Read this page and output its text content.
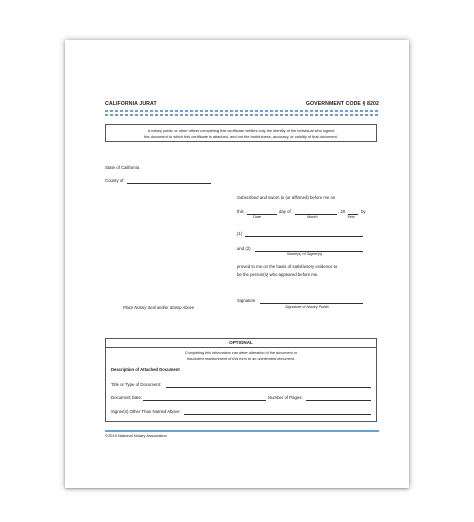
CALIFORNIA JURAT	GOVERNMENT CODE § 8202
A notary public or other officer completing this certificate verifies only the identity of the individual who signed
the document to which this certificate is attached, and not the truthfulness, accuracy, or validity of that document.
State of California
County of
Subscribed and sworn to (or affirmed) before me on
this	day of	, 20	by
Date	Month	Year
(1)
and (2)
Name(s) of Signer(s)
proved to me on the basis of satisfactory evidence to
be the person(s) who appeared before me.
Signature
Signature of Notary Public
Place Notary Seal and/or Stamp Above
OPTIONAL
Completing this information can deter alteration of the document or
fraudulent reattachment of this form to an unintended document.
Description of Attached Document
Title or Type of Document:
Document Date:	Number of Pages:
Signer(s) Other Than Named Above:
©2019 National Notary Association
